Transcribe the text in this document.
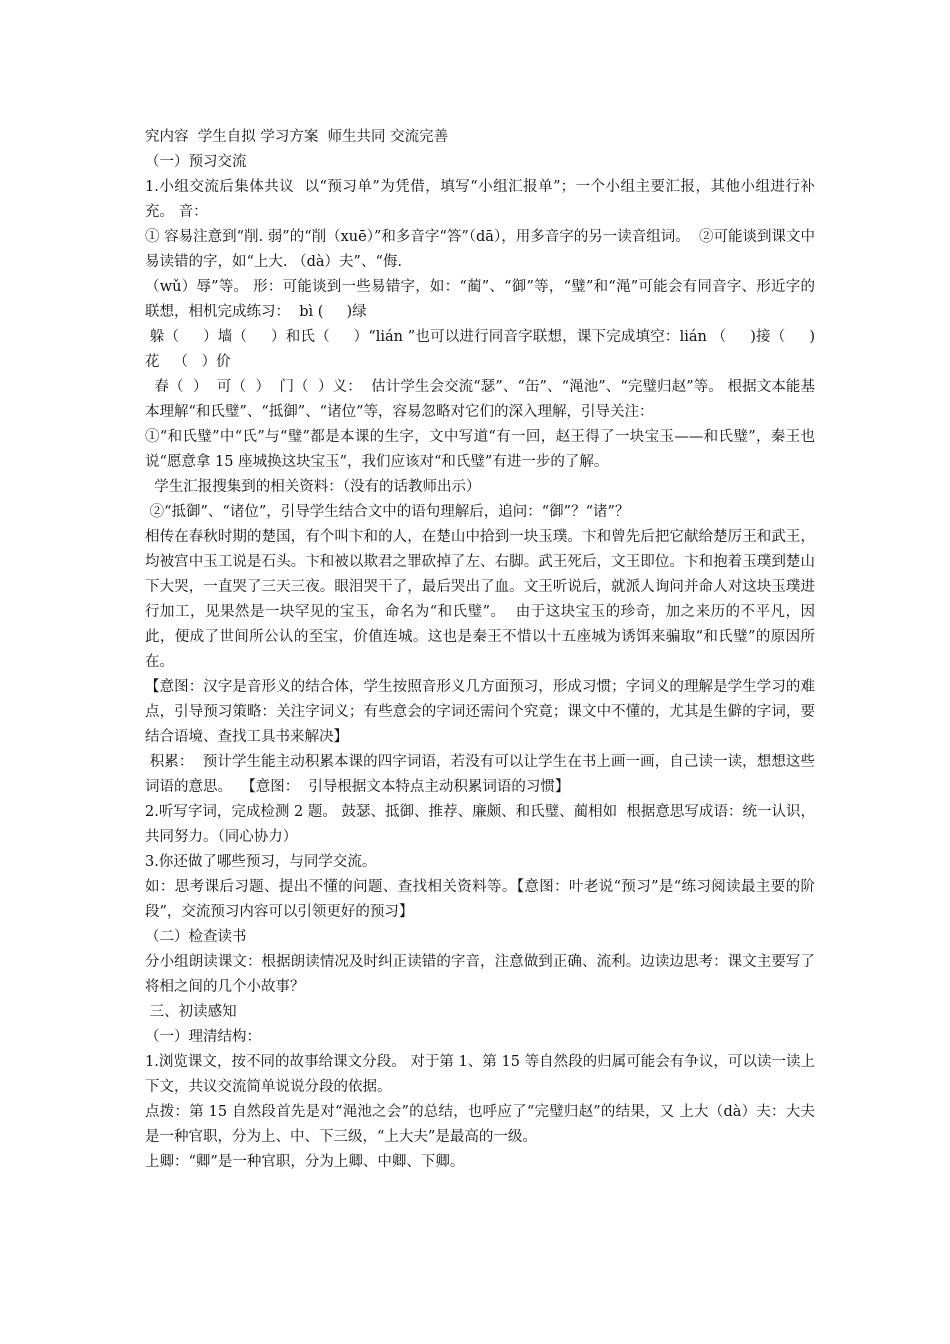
究内容  学生自拟 学习方案  师生共同 交流完善

（一）预习交流

1.小组交流后集体共议  以“预习单”为凭借，填写“小组汇报单”；一个小组主要汇报，其他小组进行补充。 音：

① 容易注意到“削. 弱”的“削（xuē）”和多音字“答”（dā），用多音字的另一读音组词。  ②可能谈到课文中易读错的字，如“上大. （dà）夫”、“侮.

（wǔ）辱”等。 形：可能谈到一些易错字，如：“蔺”、“御”等，“璧”和“渑”可能会有同音字、形近字的联想，相机完成练习：  bì (     )绿

躲（     ）墙（     ）和氏（     ）“lián ”也可以进行同音字联想，课下完成填空：lián （     )接（     )花   （   ）价

春（  ）  可（  ）  门（  ）义：  估计学生会交流“瑟”、“缶”、“渑池”、“完璧归赵”等。 根据文本能基本理解“和氏璧”、“抵御”、“诸位”等，容易忽略对它们的深入理解，引导关注：

①“和氏璧”中“氏”与“璧”都是本课的生字，文中写道“有一回，赵王得了一块宝玉——和氏璧”，秦王也说“愿意拿 15 座城换这块宝玉”，我们应该对“和氏璧”有进一步的了解。

学生汇报搜集到的相关资料：（没有的话教师出示）

②“抵御”、“诸位”，引导学生结合文中的语句理解后，追问：“御”？“诸”？

相传在春秋时期的楚国，有个叫卞和的人，在楚山中拾到一块玉璞。卞和曾先后把它献给楚厉王和武王，均被宫中玉工说是石头。卞和被以欺君之罪砍掉了左、右脚。武王死后，文王即位。卞和抱着玉璞到楚山下大哭，一直哭了三天三夜。眼泪哭干了，最后哭出了血。文王听说后，就派人询问并命人对这块玉璞进行加工，见果然是一块罕见的宝玉，命名为“和氏璧”。  由于这块宝玉的珍奇，加之来历的不平凡，因此，便成了世间所公认的至宝，价值连城。这也是秦王不惜以十五座城为诱饵来骗取“和氏璧”的原因所在。

【意图：汉字是音形义的结合体，学生按照音形义几方面预习，形成习惯；字词义的理解是学生学习的难点，引导预习策略：关注字词义；有些意会的字词还需问个究竟；课文中不懂的，尤其是生僻的字词，要结合语境、查找工具书来解决】

积累：  预计学生能主动积累本课的四字词语，若没有可以让学生在书上画一画，自己读一读，想想这些词语的意思。  【意图：  引导根据文本特点主动积累词语的习惯】

2.听写字词，完成检测 2 题。 鼓瑟、抵御、推荐、廉颇、和氏璧、蔺相如  根据意思写成语：统一认识，共同努力。（同心协力）

3.你还做了哪些预习，与同学交流。

如：思考课后习题、提出不懂的问题、查找相关资料等。【意图：叶老说“预习”是“练习阅读最主要的阶段”，交流预习内容可以引领更好的预习】

（二）检查读书

分小组朗读课文：根据朗读情况及时纠正读错的字音，注意做到正确、流利。边读边思考：课文主要写了将相之间的几个小故事？

三、初读感知

（一）理清结构：

1.浏览课文，按不同的故事给课文分段。 对于第 1、第 15 等自然段的归属可能会有争议，可以读一读上下文，共议交流简单说说分段的依据。

点拨：第 15 自然段首先是对“渑池之会”的总结，也呼应了“完璧归赵”的结果，又 上大（dà）夫：大夫是一种官职，分为上、中、下三级，“上大夫”是最高的一级。

上卿：“卿”是一种官职，分为上卿、中卿、下卿。
